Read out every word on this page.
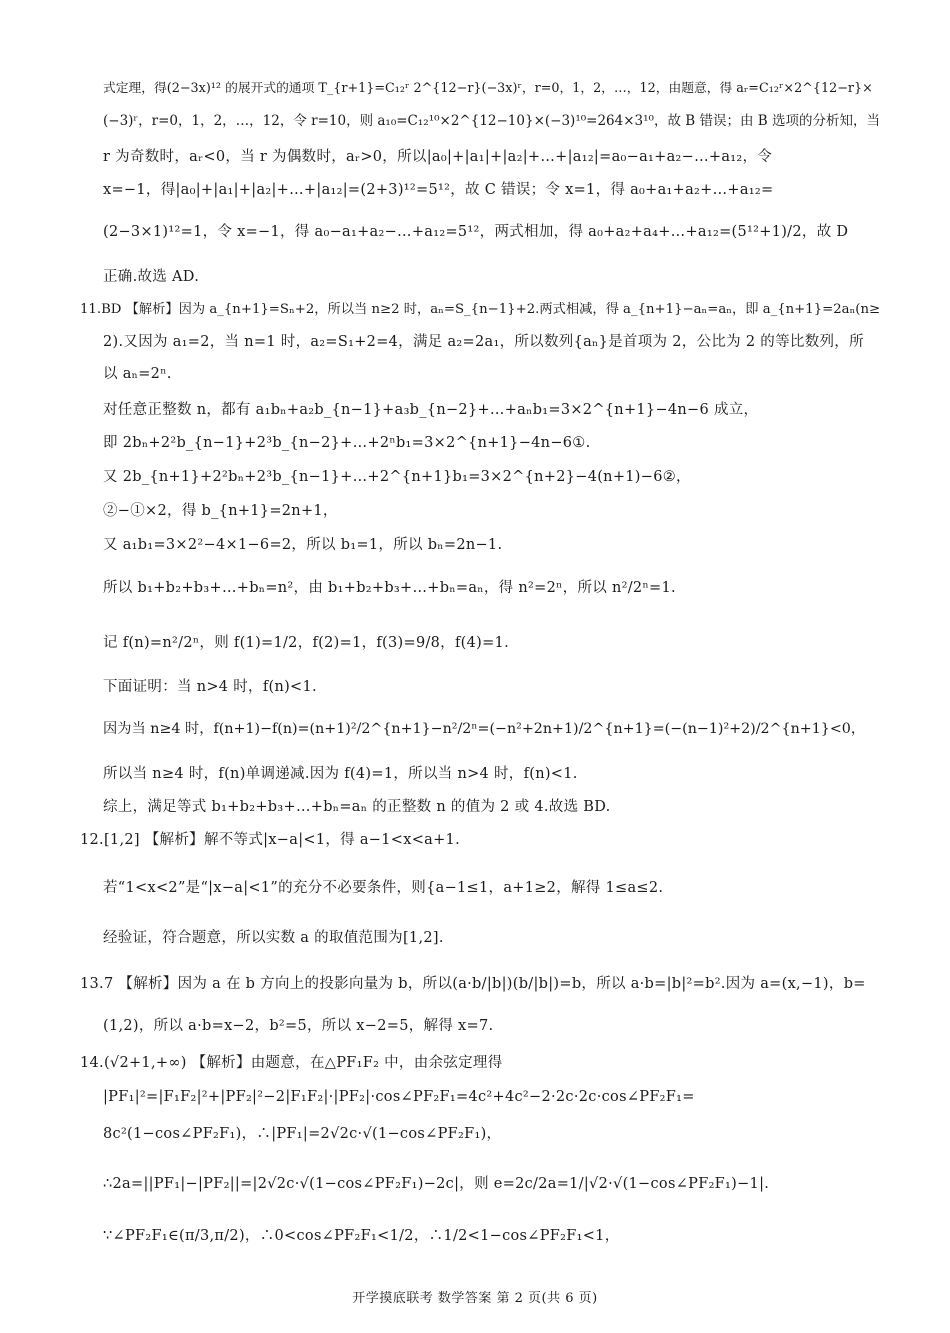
式定理，得(2−3x)¹² 的展开式的通项 T_{r+1}=C₁₂ʳ 2^{12−r}(−3x)ʳ，r=0，1，2，…，12，由题意，得 aᵣ=C₁₂ʳ×2^{12−r}×
(−3)ʳ，r=0，1，2，…，12，令 r=10，则 a₁₀=C₁₂¹⁰×2^{12−10}×(−3)¹⁰=264×3¹⁰，故 B 错误；由 B 选项的分析知，当
r 为奇数时，aᵣ<0，当 r 为偶数时，aᵣ>0，所以|a₀|+|a₁|+|a₂|+…+|a₁₂|=a₀−a₁+a₂−…+a₁₂，令
x=−1，得|a₀|+|a₁|+|a₂|+…+|a₁₂|=(2+3)¹²=5¹²，故 C 错误；令 x=1，得 a₀+a₁+a₂+…+a₁₂=
(2−3×1)¹²=1，令 x=−1，得 a₀−a₁+a₂−…+a₁₂=5¹²，两式相加，得 a₀+a₂+a₄+…+a₁₂=(5¹²+1)/2，故 D
正确.故选 AD.
11.BD 【解析】因为 a_{n+1}=Sₙ+2，所以当 n≥2 时，aₙ=S_{n−1}+2.两式相减，得 a_{n+1}−aₙ=aₙ，即 a_{n+1}=2aₙ(n≥
2).又因为 a₁=2，当 n=1 时，a₂=S₁+2=4，满足 a₂=2a₁，所以数列{aₙ}是首项为 2，公比为 2 的等比数列，所
以 aₙ=2ⁿ.
对任意正整数 n，都有 a₁bₙ+a₂b_{n−1}+a₃b_{n−2}+…+aₙb₁=3×2^{n+1}−4n−6 成立，
即 2bₙ+2²b_{n−1}+2³b_{n−2}+…+2ⁿb₁=3×2^{n+1}−4n−6①.
又 2b_{n+1}+2²bₙ+2³b_{n−1}+…+2^{n+1}b₁=3×2^{n+2}−4(n+1)−6②，
②−①×2，得 b_{n+1}=2n+1，
又 a₁b₁=3×2²−4×1−6=2，所以 b₁=1，所以 bₙ=2n−1.
所以 b₁+b₂+b₃+…+bₙ=n²，由 b₁+b₂+b₃+…+bₙ=aₙ，得 n²=2ⁿ，所以 n²/2ⁿ=1.
记 f(n)=n²/2ⁿ，则 f(1)=1/2，f(2)=1，f(3)=9/8，f(4)=1.
下面证明：当 n>4 时，f(n)<1.
因为当 n≥4 时，f(n+1)−f(n)=(n+1)²/2^{n+1}−n²/2ⁿ=(−n²+2n+1)/2^{n+1}=(−(n−1)²+2)/2^{n+1}<0，
所以当 n≥4 时，f(n)单调递减.因为 f(4)=1，所以当 n>4 时，f(n)<1.
综上，满足等式 b₁+b₂+b₃+…+bₙ=aₙ 的正整数 n 的值为 2 或 4.故选 BD.
12.[1,2] 【解析】解不等式|x−a|<1，得 a−1<x<a+1.
若“1<x<2”是“|x−a|<1”的充分不必要条件，则{a−1≤1，a+1≥2，解得 1≤a≤2.
经验证，符合题意，所以实数 a 的取值范围为[1,2].
13.7 【解析】因为 a 在 b 方向上的投影向量为 b，所以(a·b/|b|)(b/|b|)=b，所以 a·b=|b|²=b².因为 a=(x,−1)，b=
(1,2)，所以 a·b=x−2，b²=5，所以 x−2=5，解得 x=7.
14.(√2+1,+∞) 【解析】由题意，在△PF₁F₂ 中，由余弦定理得
|PF₁|²=|F₁F₂|²+|PF₂|²−2|F₁F₂|·|PF₂|·cos∠PF₂F₁=4c²+4c²−2·2c·2c·cos∠PF₂F₁=
8c²(1−cos∠PF₂F₁)，∴|PF₁|=2√2c·√(1−cos∠PF₂F₁)，
∴2a=||PF₁|−|PF₂||=|2√2c·√(1−cos∠PF₂F₁)−2c|，则 e=2c/2a=1/|√2·√(1−cos∠PF₂F₁)−1|.
∵∠PF₂F₁∈(π/3,π/2)，∴0<cos∠PF₂F₁<1/2，∴1/2<1−cos∠PF₂F₁<1，
开学摸底联考 数学答案 第 2 页(共 6 页)
